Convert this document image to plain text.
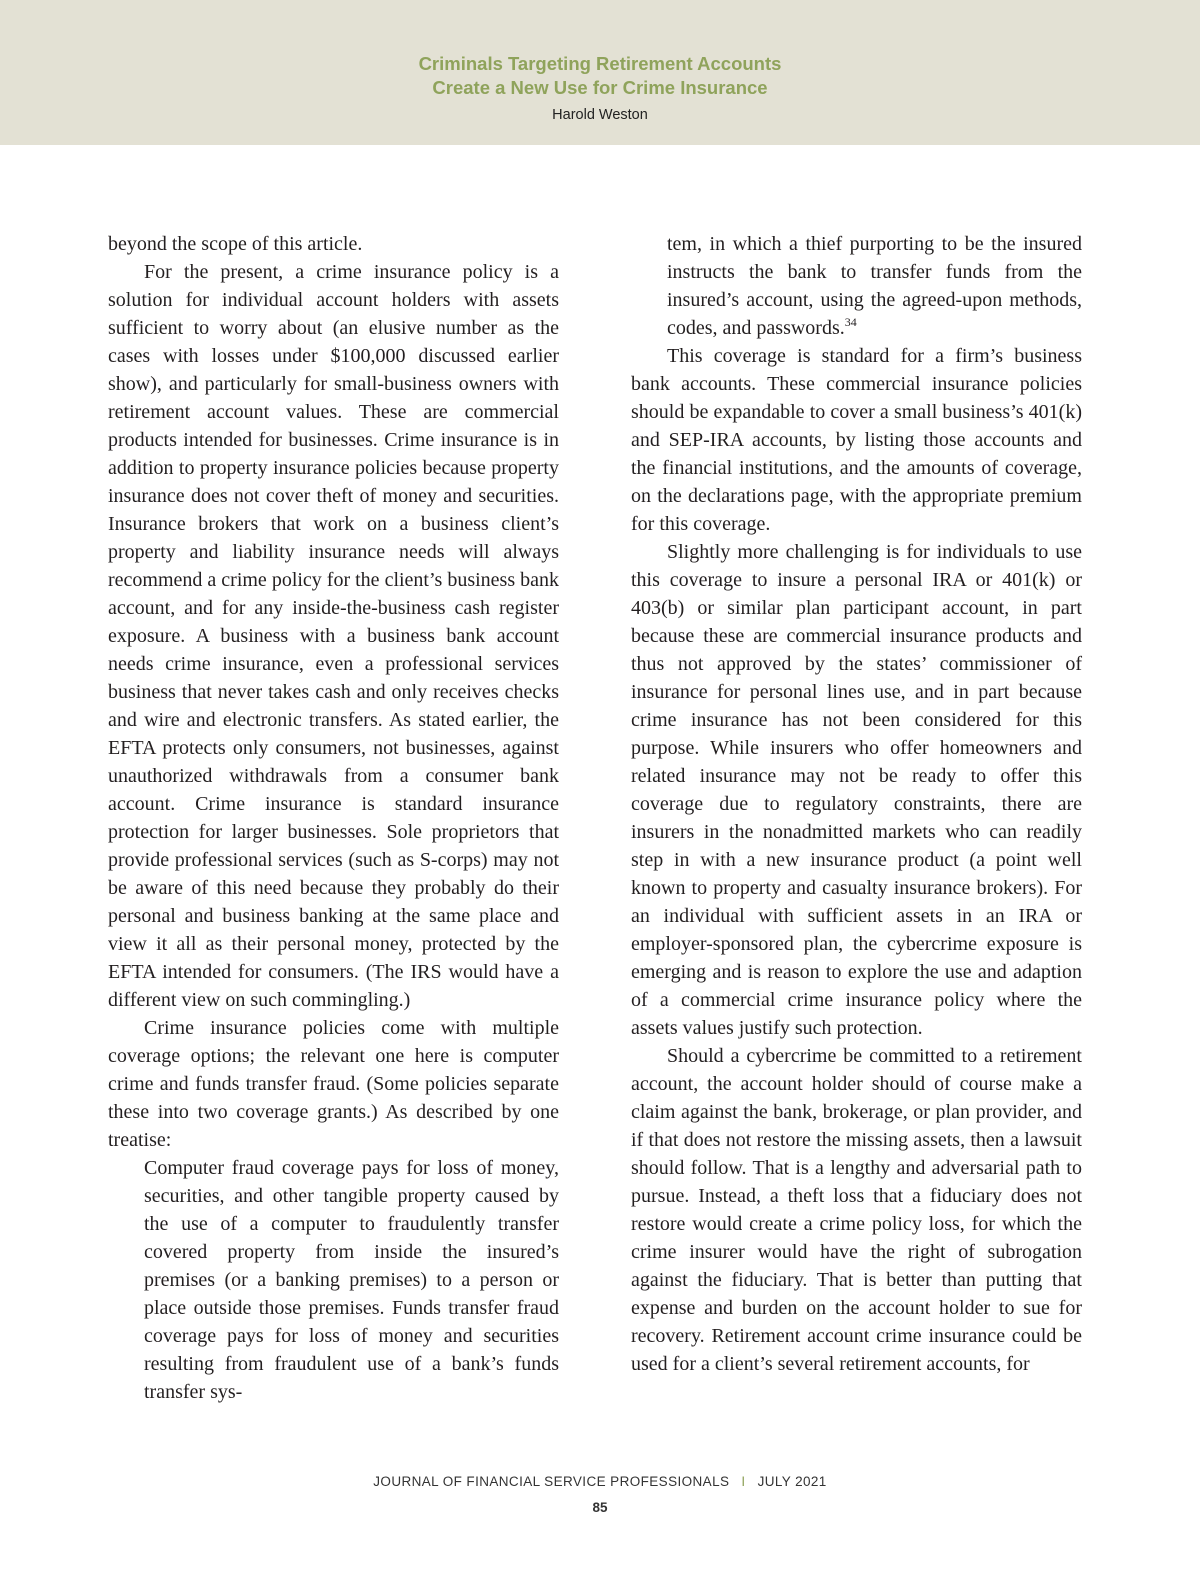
Criminals Targeting Retirement Accounts
Create a New Use for Crime Insurance
Harold Weston

beyond the scope of this article.

For the present, a crime insurance policy is a solution for individual account holders with assets sufficient to worry about (an elusive number as the cases with losses under $100,000 discussed earlier show), and particularly for small-business owners with retirement account values. These are commercial products intended for businesses. Crime insurance is in addition to property insurance policies because property insurance does not cover theft of money and securities. Insurance brokers that work on a business client’s property and liability insurance needs will always recommend a crime policy for the client’s business bank account, and for any inside-the-business cash register exposure. A business with a business bank account needs crime insurance, even a professional services business that never takes cash and only receives checks and wire and electronic transfers. As stated earlier, the EFTA protects only consumers, not businesses, against unauthorized withdrawals from a consumer bank account. Crime insurance is standard insurance protection for larger businesses. Sole proprietors that provide professional services (such as S-corps) may not be aware of this need because they probably do their personal and business banking at the same place and view it all as their personal money, protected by the EFTA intended for consumers. (The IRS would have a different view on such commingling.)

Crime insurance policies come with multiple coverage options; the relevant one here is computer crime and funds transfer fraud. (Some policies separate these into two coverage grants.) As described by one treatise:

Computer fraud coverage pays for loss of money, securities, and other tangible property caused by the use of a computer to fraudulently transfer covered property from inside the insured’s premises (or a banking premises) to a person or place outside those premises. Funds transfer fraud coverage pays for loss of money and securities resulting from fraudulent use of a bank’s funds transfer sys-

tem, in which a thief purporting to be the insured instructs the bank to transfer funds from the insured’s account, using the agreed-upon methods, codes, and passwords.$^{34}$

This coverage is standard for a firm’s business bank accounts. These commercial insurance policies should be expandable to cover a small business’s 401(k) and SEP-IRA accounts, by listing those accounts and the financial institutions, and the amounts of coverage, on the declarations page, with the appropriate premium for this coverage.

Slightly more challenging is for individuals to use this coverage to insure a personal IRA or 401(k) or 403(b) or similar plan participant account, in part because these are commercial insurance products and thus not approved by the states’ commissioner of insurance for personal lines use, and in part because crime insurance has not been considered for this purpose. While insurers who offer homeowners and related insurance may not be ready to offer this coverage due to regulatory constraints, there are insurers in the nonadmitted markets who can readily step in with a new insurance product (a point well known to property and casualty insurance brokers). For an individual with sufficient assets in an IRA or employer-sponsored plan, the cybercrime exposure is emerging and is reason to explore the use and adaption of a commercial crime insurance policy where the assets values justify such protection.

Should a cybercrime be committed to a retirement account, the account holder should of course make a claim against the bank, brokerage, or plan provider, and if that does not restore the missing assets, then a lawsuit should follow. That is a lengthy and adversarial path to pursue. Instead, a theft loss that a fiduciary does not restore would create a crime policy loss, for which the crime insurer would have the right of subrogation against the fiduciary. That is better than putting that expense and burden on the account holder to sue for recovery. Retirement account crime insurance could be used for a client’s several retirement accounts, for

JOURNAL OF FINANCIAL SERVICE PROFESSIONALS I JULY 2021
85
